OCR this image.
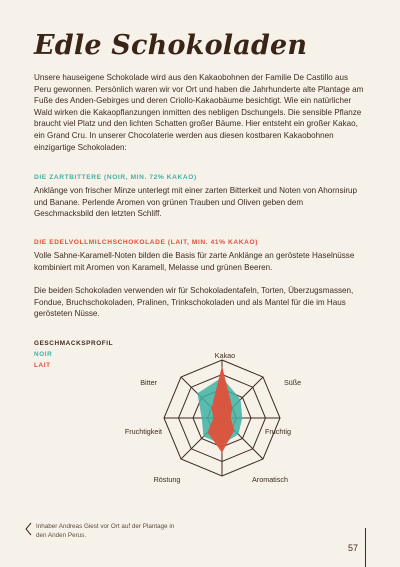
Edle Schokoladen
Unsere hauseigene Schokolade wird aus den Kakaobohnen der Familie De Castillo aus Peru gewonnen. Persönlich waren wir vor Ort und haben die Jahrhunderte alte Plantage am Fuße des Anden-Gebirges und deren Criollo-Kakaobäume besichtigt. Wie ein natürlicher Wald wirken die Kakaopflanzungen inmitten des nebligen Dschungels. Die sensible Pflanze braucht viel Platz und den lichten Schatten großer Bäume. Hier entsteht ein großer Kakao, ein Grand Cru. In unserer Chocolaterie werden aus diesen kostbaren Kakaobohnen einzigartige Schokoladen:
DIE ZARTBITTERE (NOIR, MIN. 72% KAKAO)
Anklänge von frischer Minze unterlegt mit einer zarten Bitterkeit und Noten von Ahornsirup und Banane. Perlende Aromen von grünen Trauben und Oliven geben dem Geschmacksbild den letzten Schliff.
DIE EDELVOLLMILCHSCHOKOLADE (LAIT, MIN. 41% KAKAO)
Volle Sahne-Karamell-Noten bilden die Basis für zarte Anklänge an geröstete Haselnüsse kombiniert mit Aromen von Karamell, Melasse und grünen Beeren.
Die beiden Schokoladen verwenden wir für Schokoladentafeln, Torten, Überzugsmassen, Fondue, Bruchschokoladen, Pralinen, Trinkschokoladen und als Mantel für die im Haus gerösteten Nüsse.
GESCHMACKSPROFIL
NOIR
LAIT
Kakao
Süße
Fruchtig
Aromatisch
Röstung
Fruchtigkeit
Bitter
Inhaber Andreas Giest vor Ort auf der Plantage in den Anden Perus.
57
